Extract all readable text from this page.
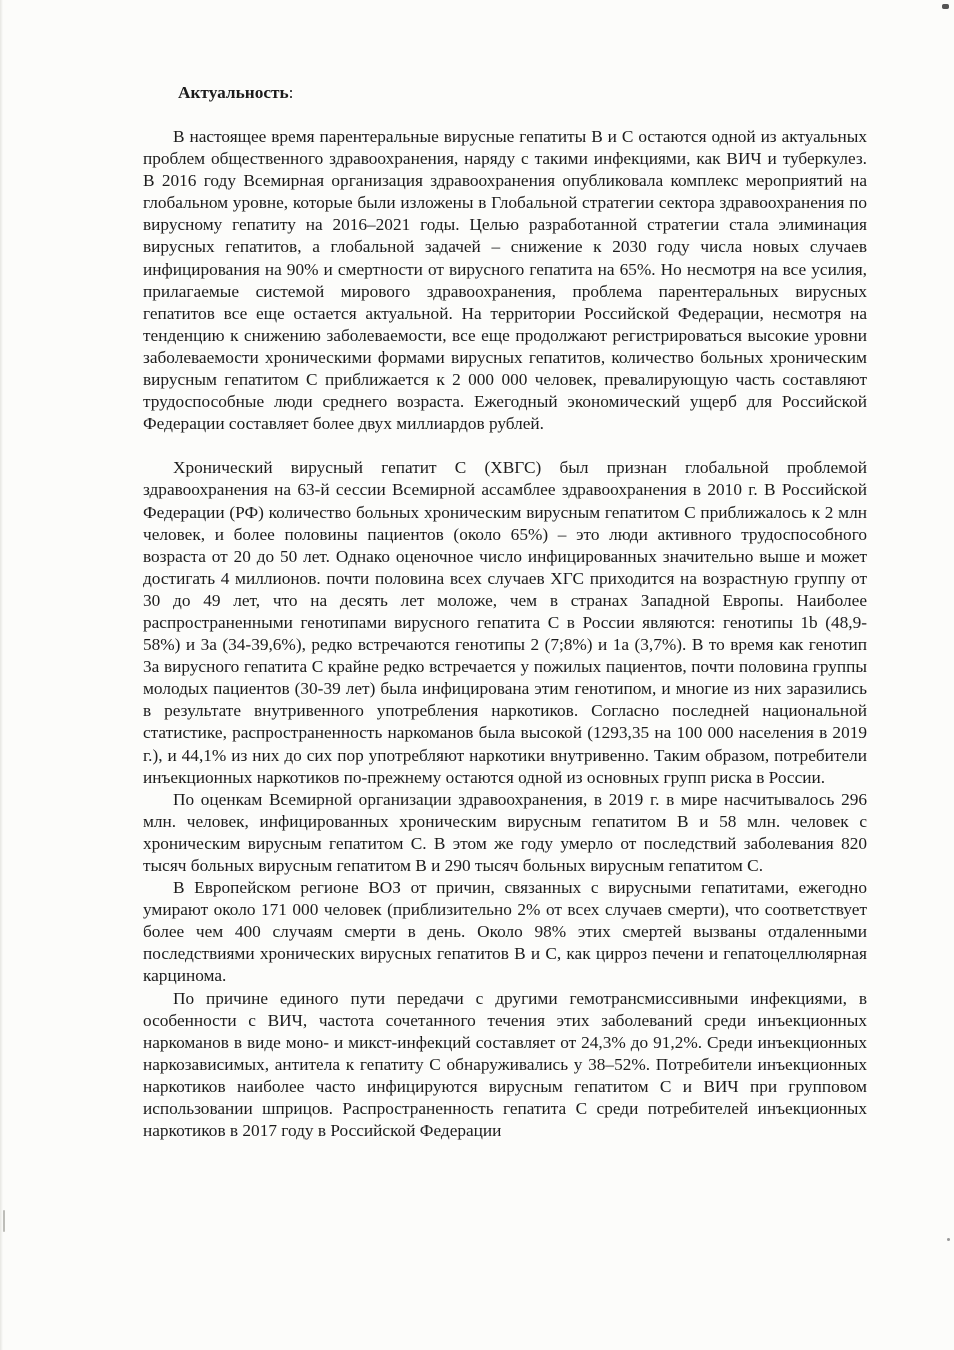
Актуальность:

В настоящее время парентеральные вирусные гепатиты В и С остаются одной из актуальных проблем общественного здравоохранения, наряду с такими инфекциями, как ВИЧ и туберкулез. В 2016 году Всемирная организация здравоохранения опубликовала комплекс мероприятий на глобальном уровне, которые были изложены в Глобальной стратегии сектора здравоохранения по вирусному гепатиту на 2016–2021 годы. Целью разработанной стратегии стала элиминация вирусных гепатитов, а глобальной задачей – снижение к 2030 году числа новых случаев инфицирования на 90% и смертности от вирусного гепатита на 65%. Но несмотря на все усилия, прилагаемые системой мирового здравоохранения, проблема парентеральных вирусных гепатитов все еще остается актуальной. На территории Российской Федерации, несмотря на тенденцию к снижению заболеваемости, все еще продолжают регистрироваться высокие уровни заболеваемости хроническими формами вирусных гепатитов, количество больных хроническим вирусным гепатитом С приближается к 2 000 000 человек, превалирующую часть составляют трудоспособные люди среднего возраста. Ежегодный экономический ущерб для Российской Федерации составляет более двух миллиардов рублей.

Хронический вирусный гепатит С (ХВГС) был признан глобальной проблемой здравоохранения на 63-й сессии Всемирной ассамблее здравоохранения в 2010 г. В Российской Федерации (РФ) количество больных хроническим вирусным гепатитом С приближалось к 2 млн человек, и более половины пациентов (около 65%) – это люди активного трудоспособного возраста от 20 до 50 лет. Однако оценочное число инфицированных значительно выше и может достигать 4 миллионов. почти половина всех случаев ХГС приходится на возрастную группу от 30 до 49 лет, что на десять лет моложе, чем в странах Западной Европы. Наиболее распространенными генотипами вирусного гепатита С в России являются: генотипы 1b (48,9-58%) и 3a (34-39,6%), редко встречаются генотипы 2 (7;8%) и 1a (3,7%). В то время как генотип 3а вирусного гепатита С крайне редко встречается у пожилых пациентов, почти половина группы молодых пациентов (30-39 лет) была инфицирована этим генотипом, и многие из них заразились в результате внутривенного употребления наркотиков. Согласно последней национальной статистике, распространенность наркоманов была высокой (1293,35 на 100 000 населения в 2019 г.), и 44,1% из них до сих пор употребляют наркотики внутривенно. Таким образом, потребители инъекционных наркотиков по-прежнему остаются одной из основных групп риска в России.

По оценкам Всемирной организации здравоохранения, в 2019 г. в мире насчитывалось 296 млн. человек, инфицированных хроническим вирусным гепатитом В и 58 млн. человек с хроническим вирусным гепатитом С. В этом же году умерло от последствий заболевания 820 тысяч больных вирусным гепатитом В и 290 тысяч больных вирусным гепатитом С.

В Европейском регионе ВОЗ от причин, связанных с вирусными гепатитами, ежегодно умирают около 171 000 человек (приблизительно 2% от всех случаев смерти), что соответствует более чем 400 случаям смерти в день. Около 98% этих смертей вызваны отдаленными последствиями хронических вирусных гепатитов В и С, как цирроз печени и гепатоцеллюлярная карцинома.

По причине единого пути передачи с другими гемотрансмиссивными инфекциями, в особенности с ВИЧ, частота сочетанного течения этих заболеваний среди инъекционных наркоманов в виде моно- и микст-инфекций составляет от 24,3% до 91,2%. Среди инъекционных наркозависимых, антитела к гепатиту С обнаруживались у 38–52%. Потребители инъекционных наркотиков наиболее часто инфицируются вирусным гепатитом С и ВИЧ при групповом использовании шприцов. Распространенность гепатита С среди потребителей инъекционных наркотиков в 2017 году в Российской Федерации
